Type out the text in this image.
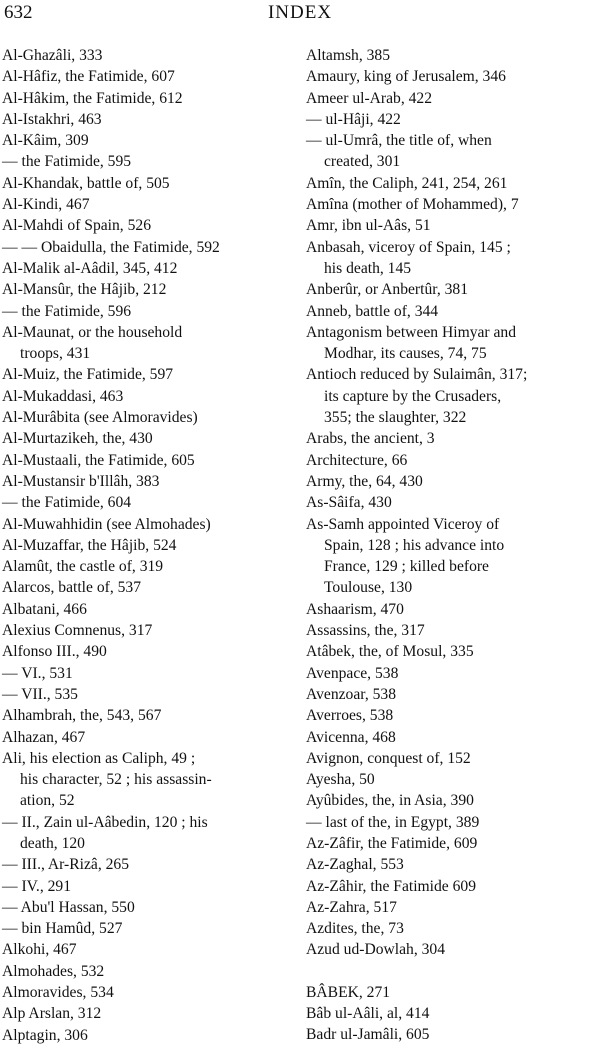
632	INDEX
Al-Ghazâli, 333
Al-Hâfiz, the Fatimide, 607
Al-Hâkim, the Fatimide, 612
Al-Istakhri, 463
Al-Kâim, 309
— the Fatimide, 595
Al-Khandak, battle of, 505
Al-Kindi, 467
Al-Mahdi of Spain, 526
— — Obaidulla, the Fatimide, 592
Al-Malik al-Aâdil, 345, 412
Al-Mansûr, the Hâjib, 212
— the Fatimide, 596
Al-Maunat, or the household
troops, 431
Al-Muiz, the Fatimide, 597
Al-Mukaddasi, 463
Al-Murâbita (see Almoravides)
Al-Murtazikeh, the, 430
Al-Mustaali, the Fatimide, 605
Al-Mustansir b'Illâh, 383
— the Fatimide, 604
Al-Muwahhidin (see Almohades)
Al-Muzaffar, the Hâjib, 524
Alamût, the castle of, 319
Alarcos, battle of, 537
Albatani, 466
Alexius Comnenus, 317
Alfonso III., 490
— VI., 531
— VII., 535
Alhambrah, the, 543, 567
Alhazan, 467
Ali, his election as Caliph, 49 ;
his character, 52 ; his assassin-
ation, 52
— II., Zain ul-Aâbedin, 120 ; his
death, 120
— III., Ar-Rizâ, 265
— IV., 291
— Abu'l Hassan, 550
— bin Hamûd, 527
Alkohi, 467
Almohades, 532
Almoravides, 534
Alp Arslan, 312
Alptagin, 306
Altamsh, 385
Amaury, king of Jerusalem, 346
Ameer ul-Arab, 422
— ul-Hâji, 422
— ul-Umrâ, the title of, when
created, 301
Amîn, the Caliph, 241, 254, 261
Amîna (mother of Mohammed), 7
Amr, ibn ul-Aâs, 51
Anbasah, viceroy of Spain, 145 ;
his death, 145
Anberûr, or Anbertûr, 381
Anneb, battle of, 344
Antagonism between Himyar and
Modhar, its causes, 74, 75
Antioch reduced by Sulaimân, 317;
its capture by the Crusaders,
355; the slaughter, 322
Arabs, the ancient, 3
Architecture, 66
Army, the, 64, 430
As-Sâifa, 430
As-Samh appointed Viceroy of
Spain, 128 ; his advance into
France, 129 ; killed before
Toulouse, 130
Ashaarism, 470
Assassins, the, 317
Atâbek, the, of Mosul, 335
Avenpace, 538
Avenzoar, 538
Averroes, 538
Avicenna, 468
Avignon, conquest of, 152
Ayesha, 50
Ayûbides, the, in Asia, 390
— last of the, in Egypt, 389
Az-Zâfir, the Fatimide, 609
Az-Zaghal, 553
Az-Zâhir, the Fatimide 609
Az-Zahra, 517
Azdites, the, 73
Azud ud-Dowlah, 304
BÂBEK, 271
Bâb ul-Aâli, al, 414
Badr ul-Jamâli, 605
